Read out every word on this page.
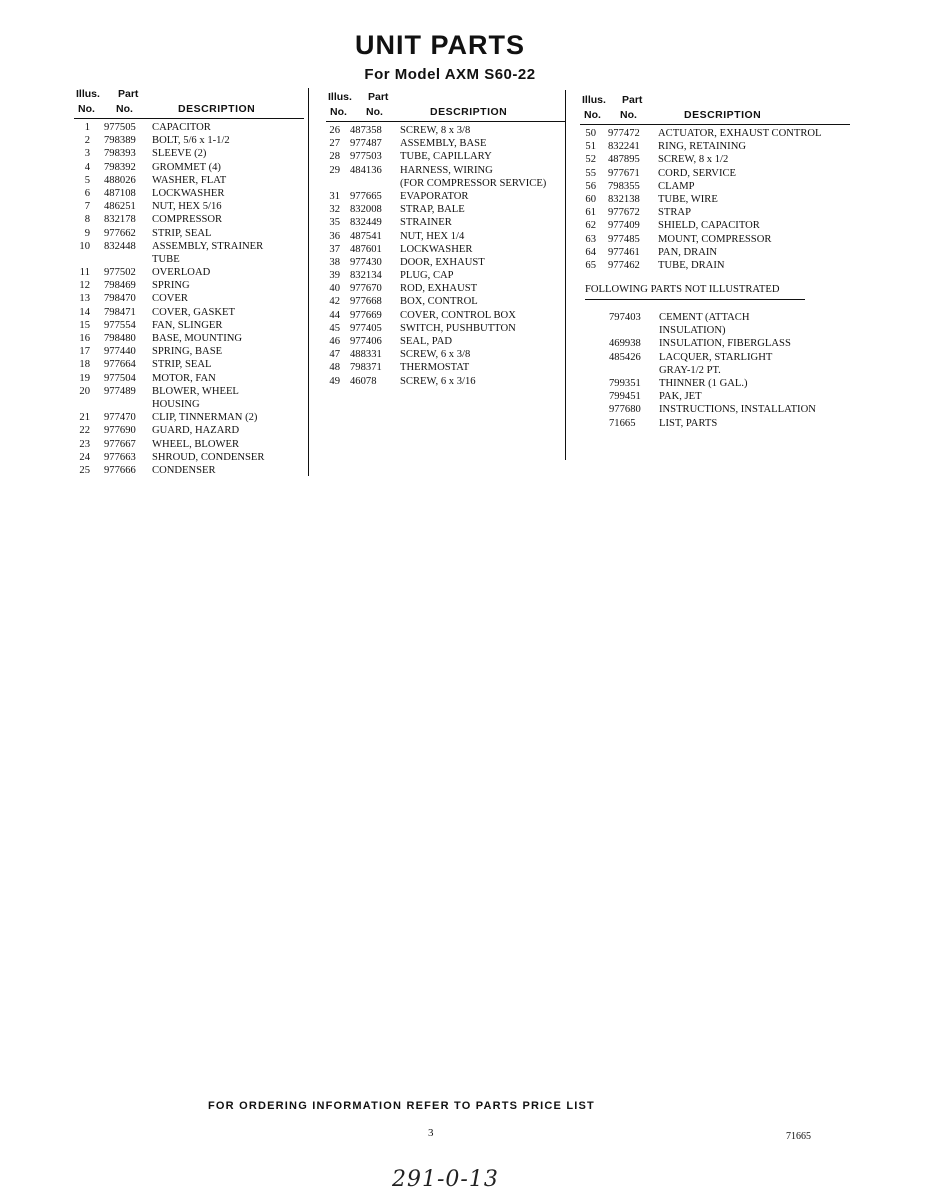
UNIT PARTS
For Model AXM S60-22
Illus. Part
No. No.	DESCRIPTION
1 977505 CAPACITOR
2 798389 BOLT, 5/6 x 1-1/2
3 798393 SLEEVE (2)
4 798392 GROMMET (4)
5 488026 WASHER, FLAT
6 487108 LOCKWASHER
7 486251 NUT, HEX 5/16
8 832178 COMPRESSOR
9 977662 STRIP, SEAL
10 832448 ASSEMBLY, STRAINER
TUBE
11 977502 OVERLOAD
12 798469 SPRING
13 798470 COVER
14 798471 COVER, GASKET
15 977554 FAN, SLINGER
16 798480 BASE, MOUNTING
17 977440 SPRING, BASE
18 977664 STRIP, SEAL
19 977504 MOTOR, FAN
20 977489 BLOWER, WHEEL
HOUSING
21 977470 CLIP, TINNERMAN (2)
22 977690 GUARD, HAZARD
23 977667 WHEEL, BLOWER
24 977663 SHROUD, CONDENSER
25 977666 CONDENSER
Illus. Part
No. No.	DESCRIPTION
26 487358 SCREW, 8 x 3/8
27 977487 ASSEMBLY, BASE
28 977503 TUBE, CAPILLARY
29 484136 HARNESS, WIRING
(FOR COMPRESSOR SERVICE)
31 977665 EVAPORATOR
32 832008 STRAP, BALE
35 832449 STRAINER
36 487541 NUT, HEX 1/4
37 487601 LOCKWASHER
38 977430 DOOR, EXHAUST
39 832134 PLUG, CAP
40 977670 ROD, EXHAUST
42 977668 BOX, CONTROL
44 977669 COVER, CONTROL BOX
45 977405 SWITCH, PUSHBUTTON
46 977406 SEAL, PAD
47 488331 SCREW, 6 x 3/8
48 798371 THERMOSTAT
49 46078 SCREW, 6 x 3/16
Illus. Part
No. No.	DESCRIPTION
50 977472 ACTUATOR, EXHAUST CONTROL
51 832241 RING, RETAINING
52 487895 SCREW, 8 x 1/2
55 977671 CORD, SERVICE
56 798355 CLAMP
60 832138 TUBE, WIRE
61 977672 STRAP
62 977409 SHIELD, CAPACITOR
63 977485 MOUNT, COMPRESSOR
64 977461 PAN, DRAIN
65 977462 TUBE, DRAIN
FOLLOWING PARTS NOT ILLUSTRATED
797403 CEMENT (ATTACH
INSULATION)
469938 INSULATION, FIBERGLASS
485426 LACQUER, STARLIGHT
GRAY-1/2 PT.
799351 THINNER (1 GAL.)
799451 PAK, JET
977680 INSTRUCTIONS, INSTALLATION
71665 LIST, PARTS
FOR ORDERING INFORMATION REFER TO PARTS PRICE LIST
3	71665
291-0-13
